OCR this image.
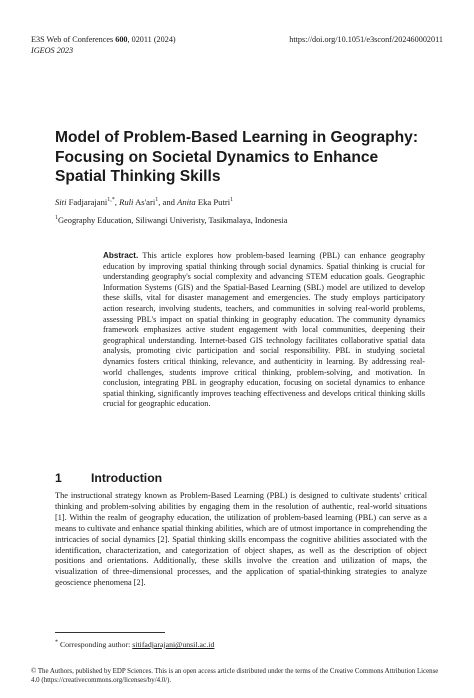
E3S Web of Conferences 600, 02011 (2024)
IGEOS 2023
https://doi.org/10.1051/e3sconf/202460002011
Model of Problem-Based Learning in Geography: Focusing on Societal Dynamics to Enhance Spatial Thinking Skills
Siti Fadjarajani$^{1,*}$, Ruli As'ari$^1$, and Anita Eka Putri$^1$
$^1$Geography Education, Siliwangi Univeristy, Tasikmalaya, Indonesia

Abstract. This article explores how problem-based learning (PBL) can enhance geography education by improving spatial thinking through social dynamics. Spatial thinking is crucial for understanding geography's social complexity and advancing STEM education goals. Geographic Information Systems (GIS) and the Spatial-Based Learning (SBL) model are utilized to develop these skills, vital for disaster management and emergencies. The study employs participatory action research, involving students, teachers, and communities in solving real-world problems, assessing PBL's impact on spatial thinking in geography education. The community dynamics framework emphasizes active student engagement with local communities, deepening their geographical understanding. Internet-based GIS technology facilitates collaborative spatial data analysis, promoting civic participation and social responsibility. PBL in studying societal dynamics fosters critical thinking, relevance, and authenticity in learning. By addressing real-world challenges, students improve critical thinking, problem-solving, and motivation. In conclusion, integrating PBL in geography education, focusing on societal dynamics to enhance spatial thinking, significantly improves teaching effectiveness and develops critical thinking skills crucial for geographic education.

1 Introduction

The instructional strategy known as Problem-Based Learning (PBL) is designed to cultivate students' critical thinking and problem-solving abilities by engaging them in the resolution of authentic, real-world situations [1]. Within the realm of geography education, the utilization of problem-based learning (PBL) can serve as a means to cultivate and enhance spatial thinking abilities, which are of utmost importance in comprehending the intricacies of social dynamics [2]. Spatial thinking skills encompass the cognitive abilities associated with the identification, characterization, and categorization of object shapes, as well as the description of object positions and orientations. Additionally, these skills involve the creation and utilization of maps, the visualization of three-dimensional processes, and the application of spatial-thinking strategies to analyze geoscience phenomena [2].

* Corresponding author: sitifadjarajani@unsil.ac.id
© The Authors, published by EDP Sciences. This is an open access article distributed under the terms of the Creative Commons Attribution License 4.0 (https://creativecommons.org/licenses/by/4.0/).
